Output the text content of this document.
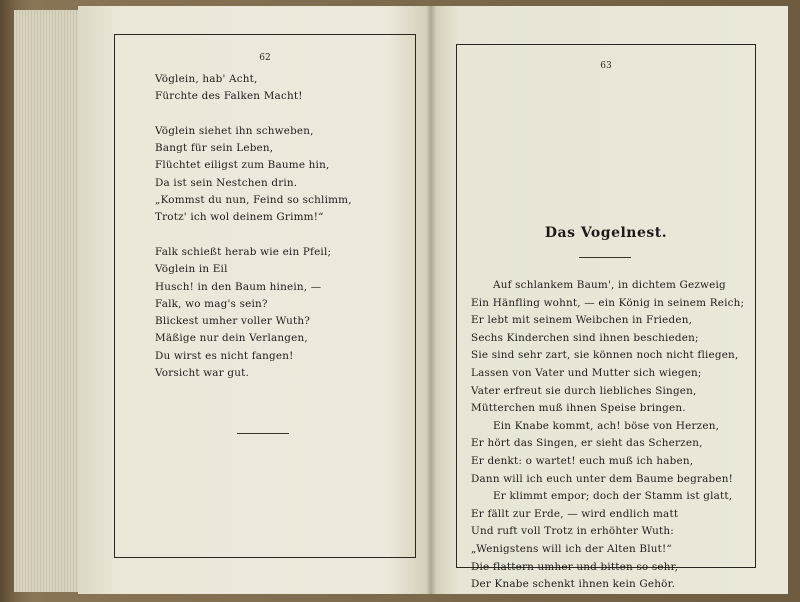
62
Vöglein, hab' Acht,
Fürchte des Falken Macht!
Vöglein siehet ihn schweben,
Bangt für sein Leben,
Flüchtet eiligst zum Baume hin,
Da ist sein Nestchen drin.
„Kommst du nun, Feind so schlimm,
Trotz' ich wol deinem Grimm!“
Falk schießt herab wie ein Pfeil;
Vöglein in Eil
Husch! in den Baum hinein, —
Falk, wo mag's sein?
Blickest umher voller Wuth?
Mäßige nur dein Verlangen,
Du wirst es nicht fangen!
Vorsicht war gut.
63
Das Vogelnest.
Auf schlankem Baum', in dichtem Gezweig
Ein Hänfling wohnt, — ein König in seinem Reich;
Er lebt mit seinem Weibchen in Frieden,
Sechs Kinderchen sind ihnen beschieden;
Sie sind sehr zart, sie können noch nicht fliegen,
Lassen von Vater und Mutter sich wiegen;
Vater erfreut sie durch liebliches Singen,
Mütterchen muß ihnen Speise bringen.
Ein Knabe kommt, ach! böse von Herzen,
Er hört das Singen, er sieht das Scherzen,
Er denkt: o wartet! euch muß ich haben,
Dann will ich euch unter dem Baume begraben!
Er klimmt empor; doch der Stamm ist glatt,
Er fällt zur Erde, — wird endlich matt
Und ruft voll Trotz in erhöhter Wuth:
„Wenigstens will ich der Alten Blut!“
Die flattern umher und bitten so sehr,
Der Knabe schenkt ihnen kein Gehör.
